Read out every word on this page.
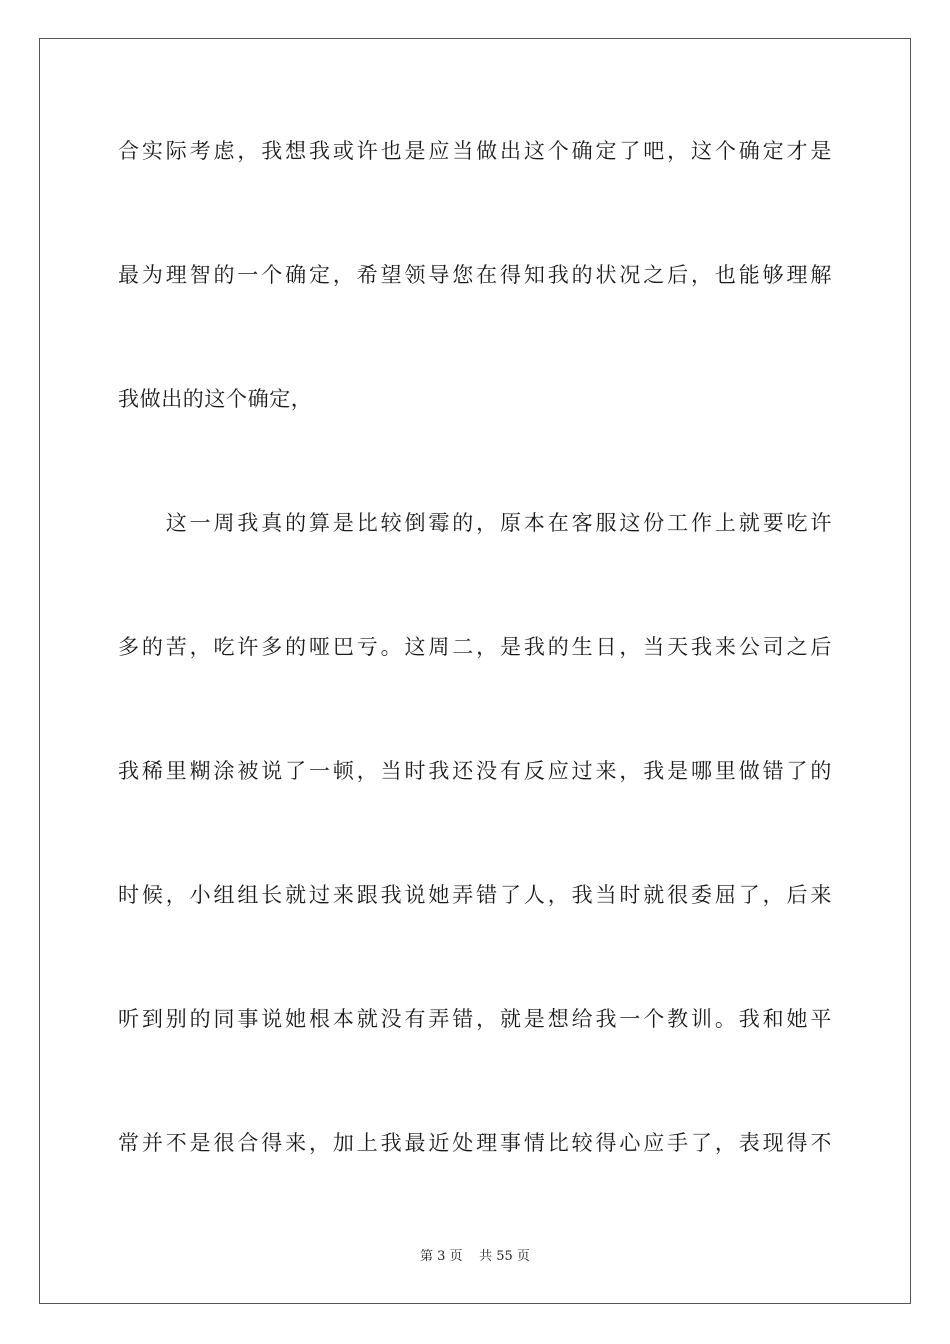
合实际考虑，我想我或许也是应当做出这个确定了吧，这个确定才是
最为理智的一个确定，希望领导您在得知我的状况之后，也能够理解
我做出的这个确定，
　　这一周我真的算是比较倒霉的，原本在客服这份工作上就要吃许
多的苦，吃许多的哑巴亏。这周二，是我的生日，当天我来公司之后
我稀里糊涂被说了一顿，当时我还没有反应过来，我是哪里做错了的
时候，小组组长就过来跟我说她弄错了人，我当时就很委屈了，后来
听到别的同事说她根本就没有弄错，就是想给我一个教训。我和她平
常并不是很合得来，加上我最近处理事情比较得心应手了，表现得不
第 3 页 共 55 页
